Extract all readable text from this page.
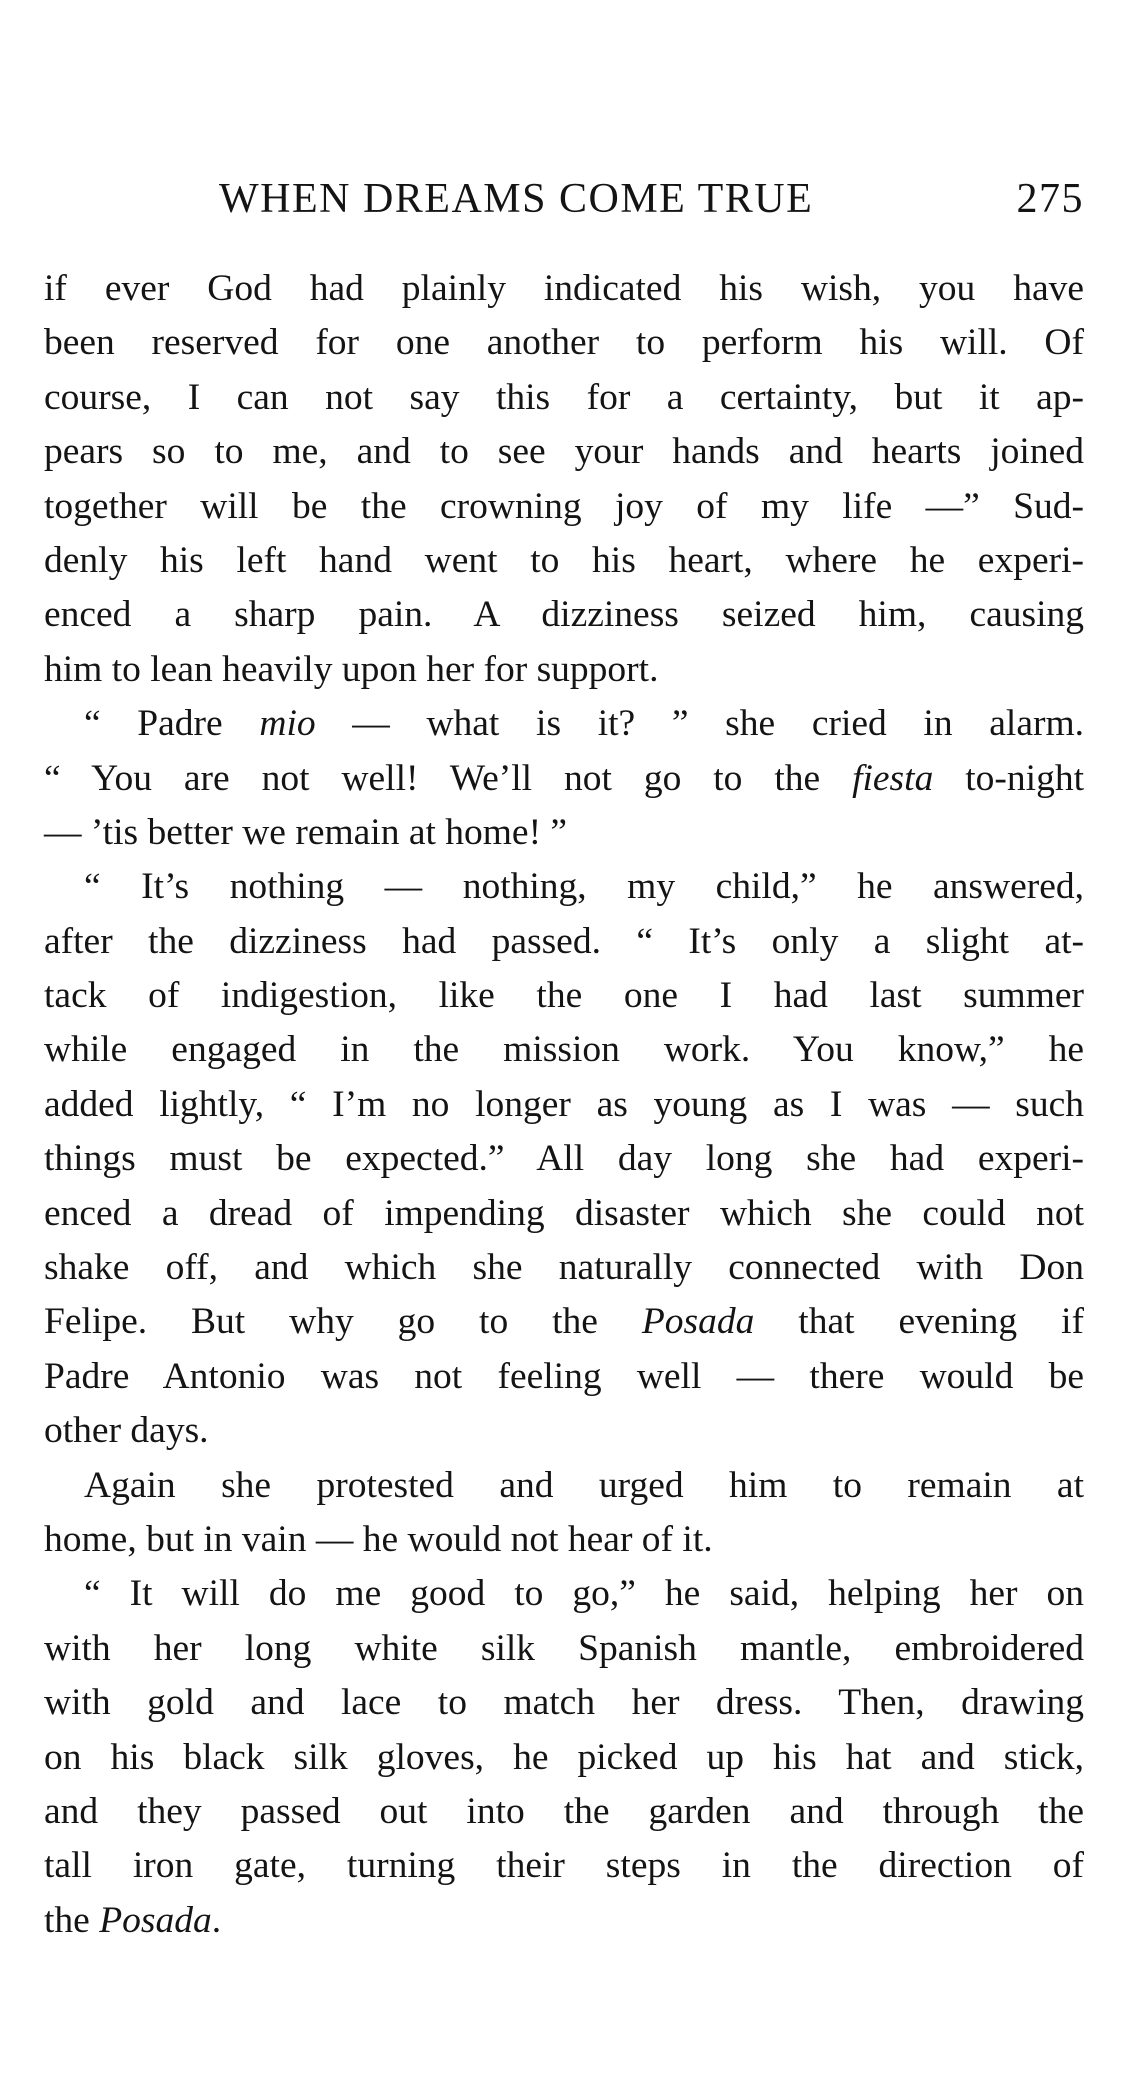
WHEN DREAMS COME TRUE	275
if ever God had plainly indicated his wish, you have
been reserved for one another to perform his will. Of
course, I can not say this for a certainty, but it ap-
pears so to me, and to see your hands and hearts joined
together will be the crowning joy of my life —” Sud-
denly his left hand went to his heart, where he experi-
enced a sharp pain. A dizziness seized him, causing
him to lean heavily upon her for support.
“ Padre mio — what is it? ” she cried in alarm.
“ You are not well! We’ll not go to the fiesta to-night
— ’tis better we remain at home! ”
“ It’s nothing — nothing, my child,” he answered,
after the dizziness had passed. “ It’s only a slight at-
tack of indigestion, like the one I had last summer
while engaged in the mission work. You know,” he
added lightly, “ I’m no longer as young as I was — such
things must be expected.” All day long she had experi-
enced a dread of impending disaster which she could not
shake off, and which she naturally connected with Don
Felipe. But why go to the Posada that evening if
Padre Antonio was not feeling well — there would be
other days.
Again she protested and urged him to remain at
home, but in vain — he would not hear of it.
“ It will do me good to go,” he said, helping her on
with her long white silk Spanish mantle, embroidered
with gold and lace to match her dress. Then, drawing
on his black silk gloves, he picked up his hat and stick,
and they passed out into the garden and through the
tall iron gate, turning their steps in the direction of
the Posada.
